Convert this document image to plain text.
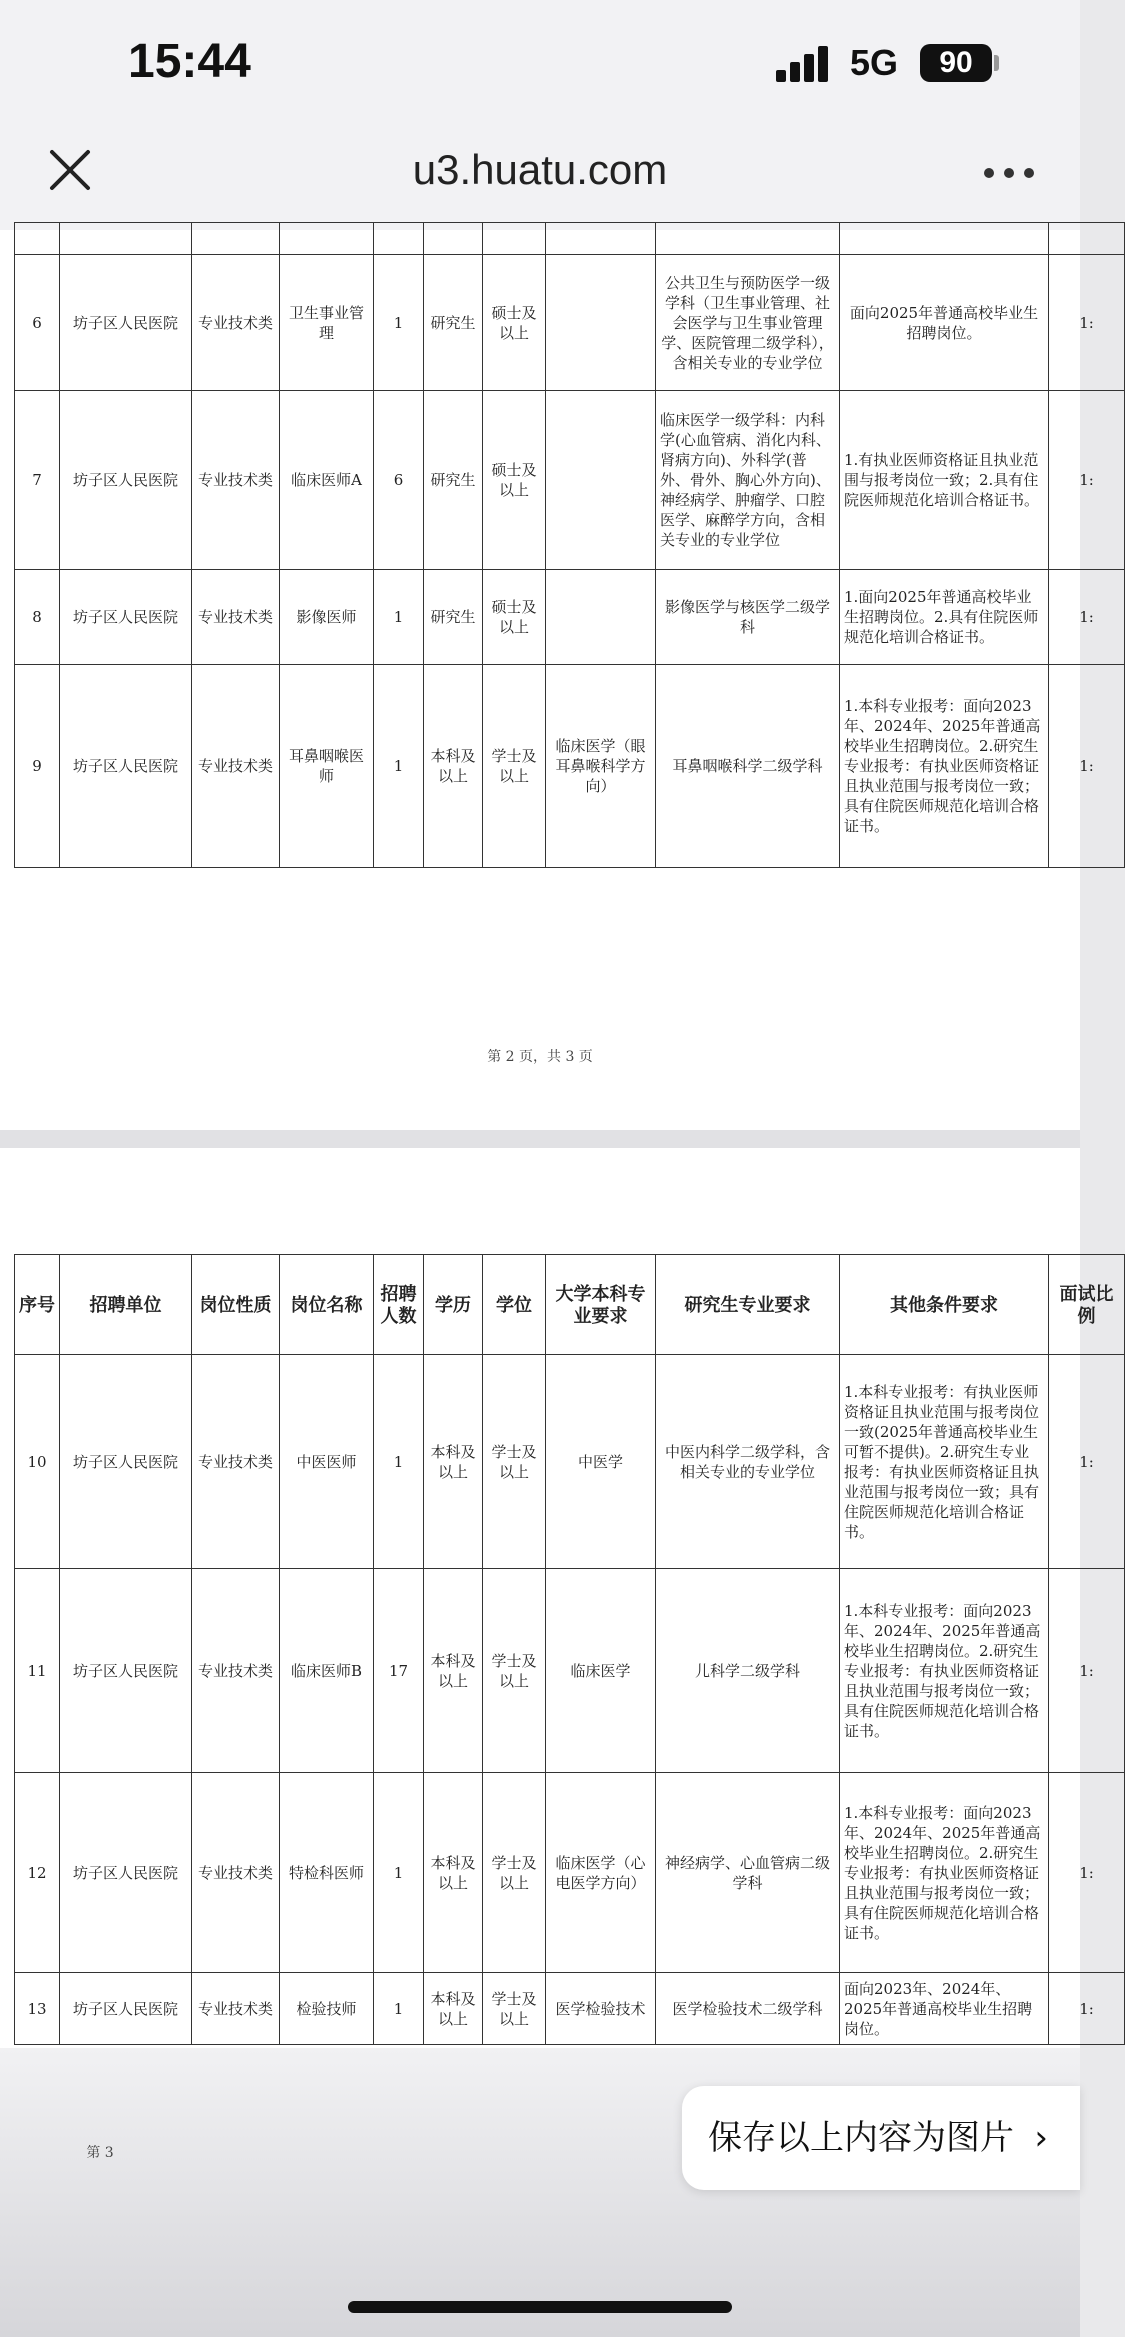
15:44	5G	90
u3.huatu.com

6	坊子区人民医院	专业技术类	卫生事业管理	1	研究生	硕士及以上		公共卫生与预防医学一级学科（卫生事业管理、社会医学与卫生事业管理学、医院管理二级学科），含相关专业的专业学位	面向2025年普通高校毕业生招聘岗位。	1:
7	坊子区人民医院	专业技术类	临床医师A	6	研究生	硕士及以上		临床医学一级学科：内科学(心血管病、消化内科、肾病方向)、外科学(普外、骨外、胸心外方向)、神经病学、肿瘤学、口腔医学、麻醉学方向，含相关专业的专业学位	1.有执业医师资格证且执业范围与报考岗位一致；2.具有住院医师规范化培训合格证书。	1:
8	坊子区人民医院	专业技术类	影像医师	1	研究生	硕士及以上		影像医学与核医学二级学科	1.面向2025年普通高校毕业生招聘岗位。2.具有住院医师规范化培训合格证书。	1:
9	坊子区人民医院	专业技术类	耳鼻咽喉医师	1	本科及以上	学士及以上	临床医学（眼耳鼻喉科学方向）	耳鼻咽喉科学二级学科	1.本科专业报考：面向2023年、2024年、2025年普通高校毕业生招聘岗位。2.研究生专业报考：有执业医师资格证且执业范围与报考岗位一致；具有住院医师规范化培训合格证书。	1:
第 2 页，共 3 页
序号	招聘单位	岗位性质	岗位名称	招聘人数	学历	学位	大学本科专业要求	研究生专业要求	其他条件要求	面试比例
10	坊子区人民医院	专业技术类	中医医师	1	本科及以上	学士及以上	中医学	中医内科学二级学科，含相关专业的专业学位	1.本科专业报考：有执业医师资格证且执业范围与报考岗位一致(2025年普通高校毕业生可暂不提供)。2.研究生专业报考：有执业医师资格证且执业范围与报考岗位一致；具有住院医师规范化培训合格证书。	1:
11	坊子区人民医院	专业技术类	临床医师B	17	本科及以上	学士及以上	临床医学	儿科学二级学科	1.本科专业报考：面向2023年、2024年、2025年普通高校毕业生招聘岗位。2.研究生专业报考：有执业医师资格证且执业范围与报考岗位一致；具有住院医师规范化培训合格证书。	1:
12	坊子区人民医院	专业技术类	特检科医师	1	本科及以上	学士及以上	临床医学（心电医学方向）	神经病学、心血管病二级学科	1.本科专业报考：面向2023年、2024年、2025年普通高校毕业生招聘岗位。2.研究生专业报考：有执业医师资格证且执业范围与报考岗位一致；具有住院医师规范化培训合格证书。	1:
13	坊子区人民医院	专业技术类	检验技师	1	本科及以上	学士及以上	医学检验技术	医学检验技术二级学科	面向2023年、2024年、2025年普通高校毕业生招聘岗位。	1:
第 3	保存以上内容为图片 ›
